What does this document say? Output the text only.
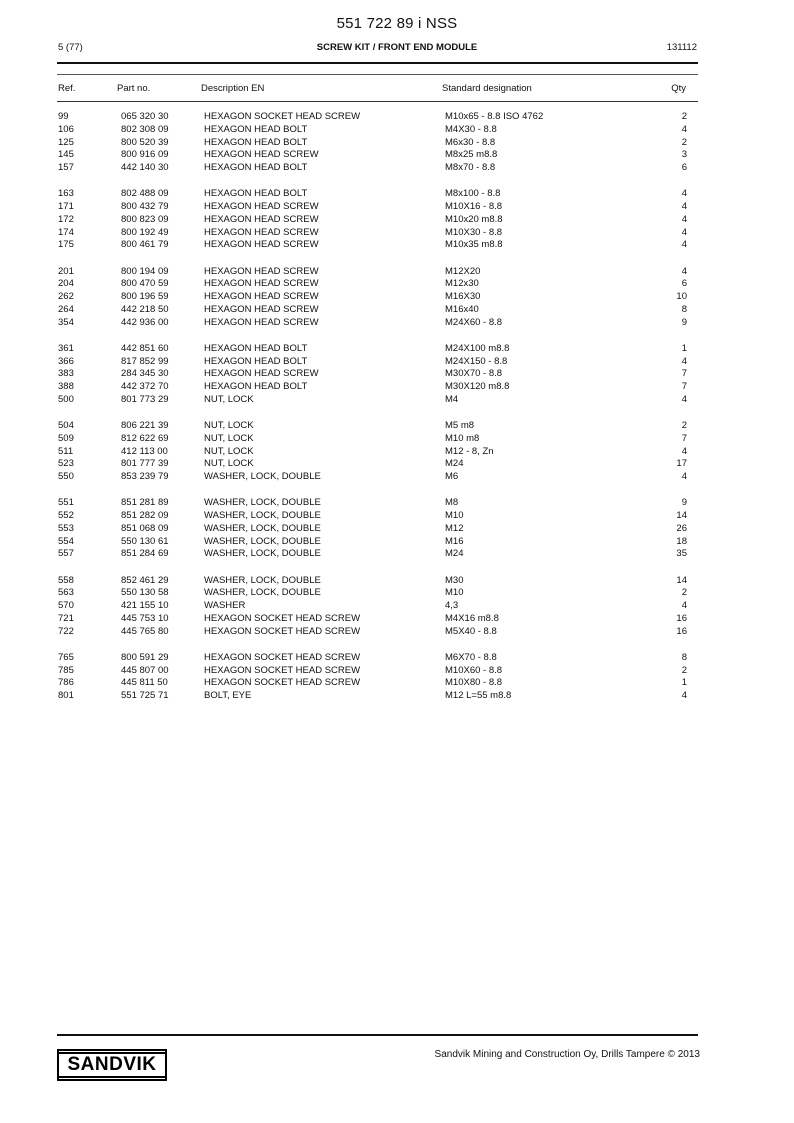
551 722 89 i NSS
5 (77)	SCREW KIT / FRONT END MODULE	131112
Ref.	Part no.	Description EN	Standard designation	Qty
99	065 320 30	HEXAGON SOCKET HEAD SCREW	M10x65 - 8.8 ISO 4762	2
106	802 308 09	HEXAGON HEAD BOLT	M4X30 - 8.8	4
125	800 520 39	HEXAGON HEAD BOLT	M6x30 - 8.8	2
145	800 916 09	HEXAGON HEAD SCREW	M8x25 m8.8	3
157	442 140 30	HEXAGON HEAD BOLT	M8x70 - 8.8	6
163	802 488 09	HEXAGON HEAD BOLT	M8x100 - 8.8	4
171	800 432 79	HEXAGON HEAD SCREW	M10X16 - 8.8	4
172	800 823 09	HEXAGON HEAD SCREW	M10x20 m8.8	4
174	800 192 49	HEXAGON HEAD SCREW	M10X30 - 8.8	4
175	800 461 79	HEXAGON HEAD SCREW	M10x35 m8.8	4
201	800 194 09	HEXAGON HEAD SCREW	M12X20	4
204	800 470 59	HEXAGON HEAD SCREW	M12x30	6
262	800 196 59	HEXAGON HEAD SCREW	M16X30	10
264	442 218 50	HEXAGON HEAD SCREW	M16x40	8
354	442 936 00	HEXAGON HEAD SCREW	M24X60 - 8.8	9
361	442 851 60	HEXAGON HEAD BOLT	M24X100 m8.8	1
366	817 852 99	HEXAGON HEAD BOLT	M24X150 - 8.8	4
383	284 345 30	HEXAGON HEAD SCREW	M30X70 - 8.8	7
388	442 372 70	HEXAGON HEAD BOLT	M30X120 m8.8	7
500	801 773 29	NUT, LOCK	M4	4
504	806 221 39	NUT, LOCK	M5 m8	2
509	812 622 69	NUT, LOCK	M10 m8	7
511	412 113 00	NUT, LOCK	M12 - 8, Zn	4
523	801 777 39	NUT, LOCK	M24	17
550	853 239 79	WASHER, LOCK, DOUBLE	M6	4
551	851 281 89	WASHER, LOCK, DOUBLE	M8	9
552	851 282 09	WASHER, LOCK, DOUBLE	M10	14
553	851 068 09	WASHER, LOCK, DOUBLE	M12	26
554	550 130 61	WASHER, LOCK, DOUBLE	M16	18
557	851 284 69	WASHER, LOCK, DOUBLE	M24	35
558	852 461 29	WASHER, LOCK, DOUBLE	M30	14
563	550 130 58	WASHER, LOCK, DOUBLE	M10	2
570	421 155 10	WASHER	4,3	4
721	445 753 10	HEXAGON SOCKET HEAD SCREW	M4X16 m8.8	16
722	445 765 80	HEXAGON SOCKET HEAD SCREW	M5X40 - 8.8	16
765	800 591 29	HEXAGON SOCKET HEAD SCREW	M6X70 - 8.8	8
785	445 807 00	HEXAGON SOCKET HEAD SCREW	M10X60 - 8.8	2
786	445 811 50	HEXAGON SOCKET HEAD SCREW	M10X80 - 8.8	1
801	551 725 71	BOLT, EYE	M12 L=55 m8.8	4
SANDVIK	Sandvik Mining and Construction Oy, Drills Tampere © 2013
